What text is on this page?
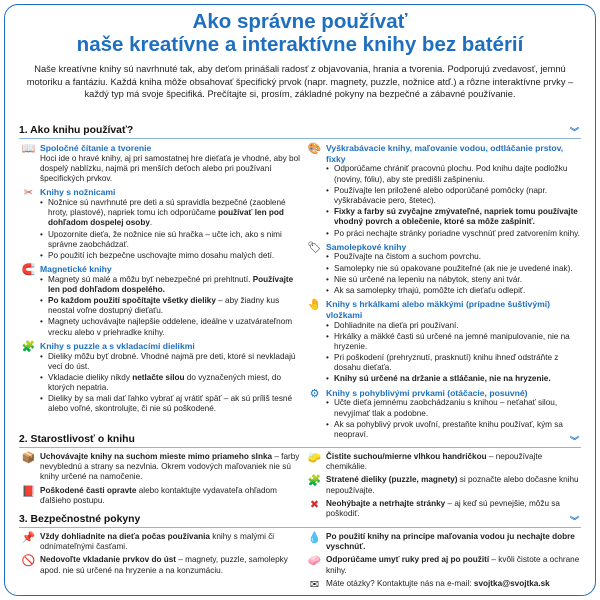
Ako správne používať
naše kreatívne a interaktívne knihy bez batérií

Naše kreatívne knihy sú navrhnuté tak, aby deťom prinášali radosť z objavovania, hrania a tvorenia. Podporujú zvedavosť, jemnú motoriku a fantáziu. Každá kniha môže obsahovať špecifický prvok (napr. magnety, puzzle, nožnice atď.) a rôzne interaktívne prvky – každý typ má svoje špecifiká. Prečítajte si, prosím, základné pokyny na bezpečné a zábavné používanie.

1. Ako knihu používať?	︾
📖 Spoločné čítanie a tvorenie

Hoci ide o hravé knihy, aj pri samostatnej hre dieťaťa je vhodné, aby bol dospelý nablízku, najmä pri menších deťoch alebo pri používaní špecifických prvkov.

✂ Knihy s nožnicami
• Nožnice sú navrhnuté pre deti a sú spravidla bezpečné (zaoblené hroty, plastové), napriek tomu ich odporúčame používať len pod dohľadom dospelej osoby.
• Upozornite dieťa, že nožnice nie sú hračka – učte ich, ako s nimi správne zaobchádzať.
• Po použití ich bezpečne uschovajte mimo dosahu malých detí.
🧲 Magnetické knihy
• Magnety sú malé a môžu byť nebezpečné pri prehltnutí. Používajte len pod dohľadom dospelého.
• Po každom použití spočítajte všetky dieliky – aby žiadny kus neostal voľne dostupný dieťaťu.
• Magnety uchovávajte najlepšie oddelene, ideálne v uzatvárateľnom vrecku alebo v priehradke knihy.
🧩 Knihy s puzzle a s vkladacími dielikmi
• Dieliky môžu byť drobné. Vhodné najmä pre deti, ktoré si nevkladajú veci do úst.
• Vkladacie dieliky nikdy netlačte silou do vyznačených miest, do ktorých nepatria.
• Dieliky by sa mali dať ľahko vybrať aj vrátiť späť – ak sú príliš tesné alebo voľné, skontrolujte, či nie sú poškodené.
🎨 Vyškrabávacie knihy, maľovanie vodou, odtláčanie prstov, fixky
• Odporúčame chrániť pracovnú plochu. Pod knihu dajte podložku (noviny, fóliu), aby ste predišli zašpineniu.
• Používajte len priložené alebo odporúčané pomôcky (napr. vyškrabávacie pero, štetec).
• Fixky a farby sú zvyčajne zmývateľné, napriek tomu používajte vhodný povrch a oblečenie, ktoré sa môže zašpiniť.
• Po práci nechajte stránky poriadne vyschnúť pred zatvorením knihy.
🏷 Samolepkové knihy
• Používajte na čistom a suchom povrchu.
• Samolepky nie sú opakovane použiteľné (ak nie je uvedené inak).
• Nie sú určené na lepeniu na nábytok, steny ani tvár.
• Ak sa samolepky trhajú, pomôžte ich dieťaťu odlepiť.
🤚 Knihy s hrkálkami alebo mäkkými (prípadne šuštivými) vložkami
• Dohliadnite na dieťa pri používaní.
• Hrkálky a mäkké časti sú určené na jemné manipulovanie, nie na hryzenie.
• Pri poškodení (prehryznutí, prasknutí) knihu ihneď odstráňte z dosahu dieťaťa.
• Knihy sú určené na držanie a stláčanie, nie na hryzenie.
⚙ Knihy s pohyblivými prvkami (otáčacie, posuvné)
• Učte dieťa jemnému zaobchádzaniu s knihou – neťahať silou, nevyjímať tlak a podobne.
• Ak sa pohyblivý prvok uvoľní, prestaňte knihu používať, kým sa neopraví.
2. Starostlivosť o knihu	︾
📦 Uchovávajte knihy na suchom mieste mimo priameho slnka – farby nevyblednú a strany sa nezvlnia. Okrem vodových maľovaniek nie sú knihy určené na namočenie.
📕 Poškodené časti opravte alebo kontaktujte vydavateľa ohľadom ďalšieho postupu.
🧽 Čistite suchou/mierne vlhkou handričkou – nepoužívajte chemikálie.
🧩 Stratené dieliky (puzzle, magnety) si poznačte alebo dočasne knihu nepoužívajte.
✖ Neohýbajte a netrhajte stránky – aj keď sú pevnejšie, môžu sa poškodiť.
3. Bezpečnostné pokyny	︾
📌 Vždy dohliadnite na dieťa počas používania knihy s malými či odnímateľnými časťami.
🚫 Nedovoľte vkladanie prvkov do úst – magnety, puzzle, samolepky apod. nie sú určené na hryzenie a na konzumáciu.
💧 Po použití knihy na princípe maľovania vodou ju nechajte dobre vyschnúť.
🧼 Odporúčame umyť ruky pred aj po použití – kvôli čistote a ochrane knihy.
✉ Máte otázky? Kontaktujte nás na e-mail: svojtka@svojtka.sk
